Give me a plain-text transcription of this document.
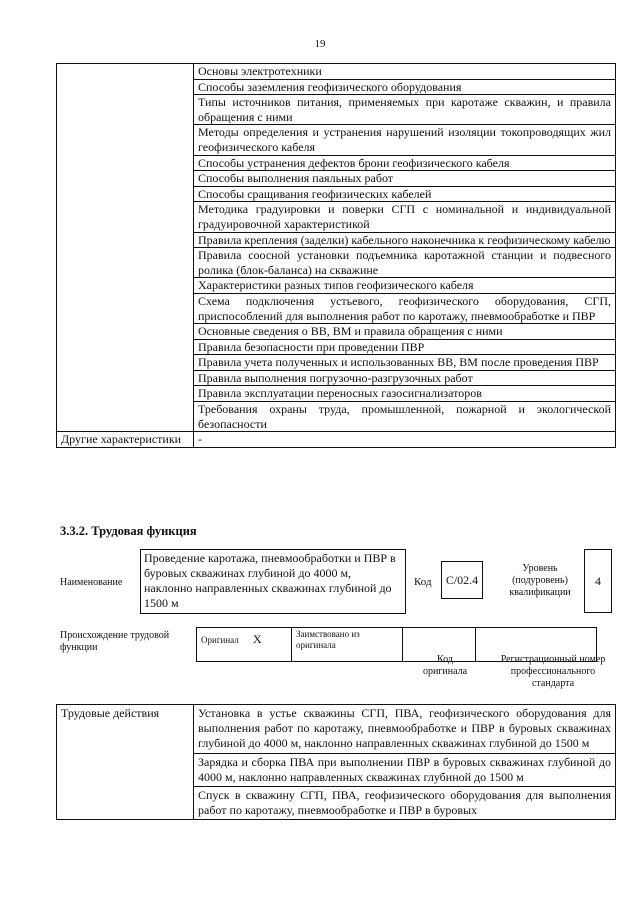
19
	Основы электротехники
	Способы заземления геофизического оборудования
	Типы источников питания, применяемых при каротаже скважин, и правила обращения с ними
	Методы определения и устранения нарушений изоляции токопроводящих жил геофизического кабеля
	Способы устранения дефектов брони геофизического кабеля
	Способы выполнения паяльных работ
	Способы сращивания геофизических кабелей
	Методика градуировки и поверки СГП с номинальной и индивидуальной градуировочной характеристикой
	Правила крепления (заделки) кабельного наконечника к геофизическому кабелю
	Правила соосной установки подъемника каротажной станции и подвесного ролика (блок-баланса) на скважине
	Характеристики разных типов геофизического кабеля
	Схема подключения устьевого, геофизического оборудования, СГП, приспособлений для выполнения работ по каротажу, пневмообработке и ПВР
	Основные сведения о ВВ, ВМ и правила обращения с ними
	Правила безопасности при проведении ПВР
	Правила учета полученных и использованных ВВ, ВМ после проведения ПВР
	Правила выполнения погрузочно-разгрузочных работ
	Правила эксплуатации переносных газосигнализаторов
	Требования охраны труда, промышленной, пожарной и экологической безопасности
Другие характеристики	-
3.3.2. Трудовая функция
Наименование
Проведение каротажа, пневмообработки и ПВР в буровых скважинах глубиной до 4000 м, наклонно направленных скважинах глубиной до 1500 м
Код	C/02.4
Уровень (подуровень) квалификации
4
Происхождение трудовой функции
Оригинал X	Заимствовано из оригинала		
Код оригинала
Регистрационный номер профессионального стандарта
Трудовые действия	Установка в устье скважины СГП, ПВА, геофизического оборудования для выполнения работ по каротажу, пневмообработке и ПВР в буровых скважинах глубиной до 4000 м, наклонно направленных скважинах глубиной до 1500 м
Зарядка и сборка ПВА при выполнении ПВР в буровых скважинах глубиной до 4000 м, наклонно направленных скважинах глубиной до 1500 м
Спуск в скважину СГП, ПВА, геофизического оборудования для выполнения работ по каротажу, пневмообработке и ПВР в буровых
